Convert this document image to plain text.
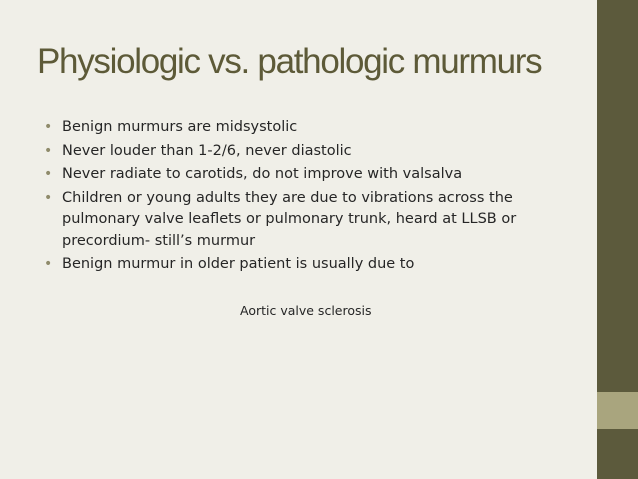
Physiologic vs. pathologic murmurs
• Benign murmurs are midsystolic
• Never louder than 1-2/6, never diastolic
• Never radiate to carotids, do not improve with valsalva
• Children or young adults they are due to vibrations across the pulmonary valve leaflets or pulmonary trunk, heard at LLSB or precordium- still’s murmur
• Benign murmur in older patient is usually due to
Aortic valve sclerosis
